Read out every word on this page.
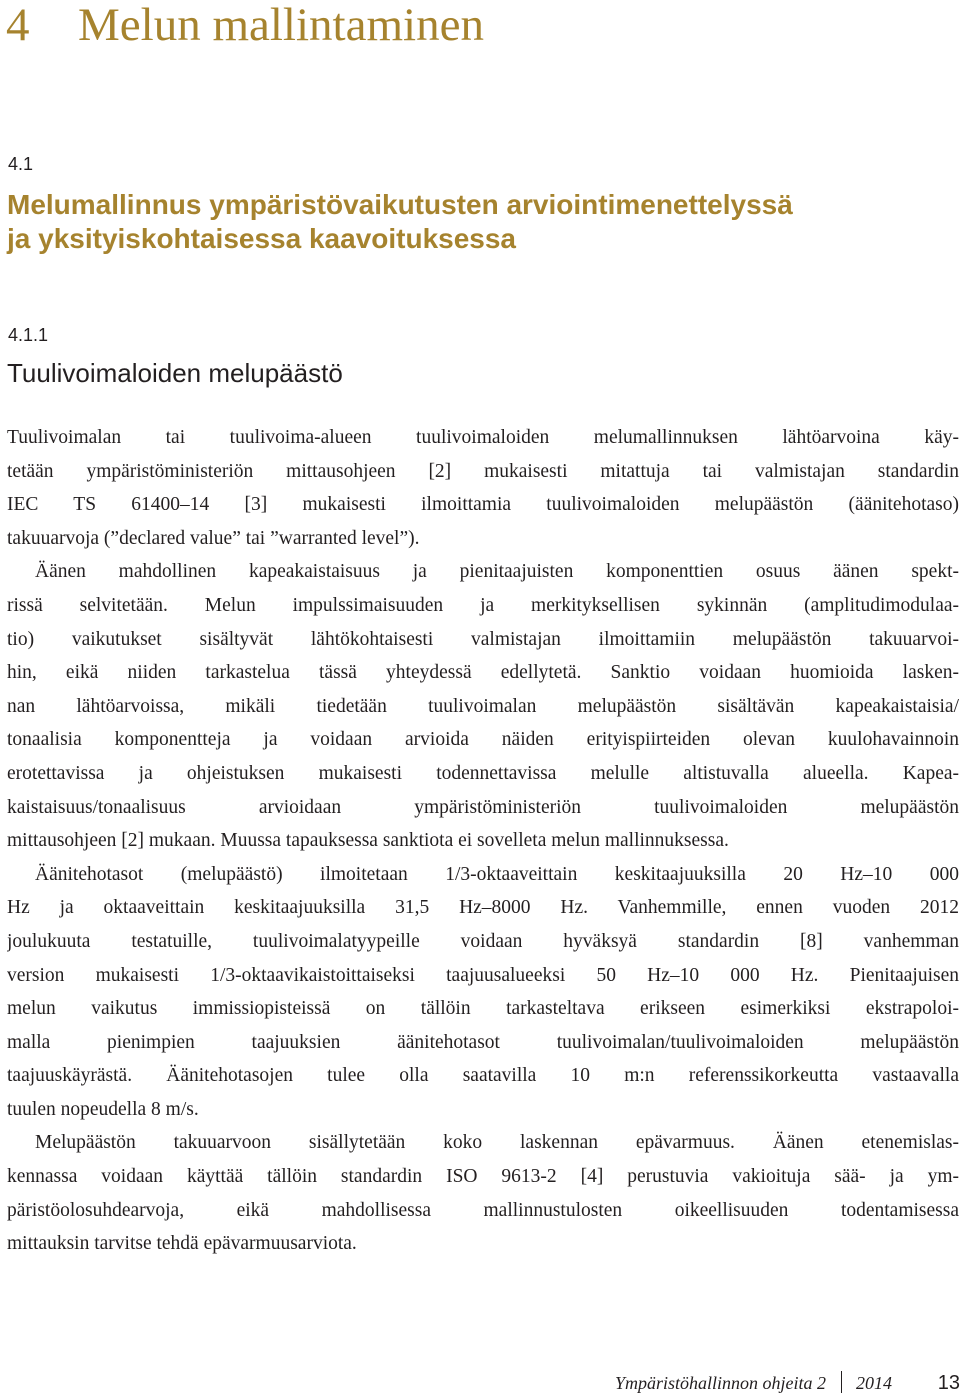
4 Melun mallintaminen
4.1
Melumallinnus ympäristövaikutusten arviointimenettelyssä
ja yksityiskohtaisessa kaavoituksessa
4.1.1
Tuulivoimaloiden melupäästö

Tuulivoimalan tai tuulivoima-alueen tuulivoimaloiden melumallinnuksen lähtöarvoina käy-
tetään ympäristöministeriön mittausohjeen [2] mukaisesti mitattuja tai valmistajan standardin
IEC TS 61400‒14 [3] mukaisesti ilmoittamia tuulivoimaloiden melupäästön (äänitehotaso)
takuuarvoja (”declared value” tai ”warranted level”).

Äänen mahdollinen kapeakaistaisuus ja pienitaajuisten komponenttien osuus äänen spekt-
rissä selvitetään. Melun impulssimaisuuden ja merkityksellisen sykinnän (amplitudimodulaa-
tio) vaikutukset sisältyvät lähtökohtaisesti valmistajan ilmoittamiin melupäästön takuuarvoi-
hin, eikä niiden tarkastelua tässä yhteydessä edellytetä. Sanktio voidaan huomioida lasken-
nan lähtöarvoissa, mikäli tiedetään tuulivoimalan melupäästön sisältävän kapeakaistaisia/
tonaalisia komponentteja ja voidaan arvioida näiden erityispiirteiden olevan kuulohavainnoin
erotettavissa ja ohjeistuksen mukaisesti todennettavissa melulle altistuvalla alueella. Kapea-
kaistaisuus/tonaalisuus arvioidaan ympäristöministeriön tuulivoimaloiden melupäästön
mittausohjeen [2] mukaan. Muussa tapauksessa sanktiota ei sovelleta melun mallinnuksessa.

Äänitehotasot (melupäästö) ilmoitetaan 1/3-oktaaveittain keskitaajuuksilla 20 Hz‒10 000
Hz ja oktaaveittain keskitaajuuksilla 31,5 Hz‒8000 Hz. Vanhemmille, ennen vuoden 2012
joulukuuta testatuille, tuulivoimalatyypeille voidaan hyväksyä standardin [8] vanhemman
version mukaisesti 1/3-oktaavikaistoittaiseksi taajuusalueeksi 50 Hz‒10 000 Hz. Pienitaajuisen
melun vaikutus immissiopisteissä on tällöin tarkasteltava erikseen esimerkiksi ekstrapoloi-
malla pienimpien taajuuksien äänitehotasot tuulivoimalan/tuulivoimaloiden melupäästön
taajuuskäyrästä. Äänitehotasojen tulee olla saatavilla 10 m:n referenssikorkeutta vastaavalla
tuulen nopeudella 8 m/s.

Melupäästön takuuarvoon sisällytetään koko laskennan epävarmuus. Äänen etenemislas-
kennassa voidaan käyttää tällöin standardin ISO 9613-2 [4] perustuvia vakioituja sää- ja ym-
päristöolosuhdearvoja, eikä mahdollisessa mallinnustulosten oikeellisuuden todentamisessa
mittauksin tarvitse tehdä epävarmuusarviota.

Ympäristöhallinnon ohjeita 2 2014 13
